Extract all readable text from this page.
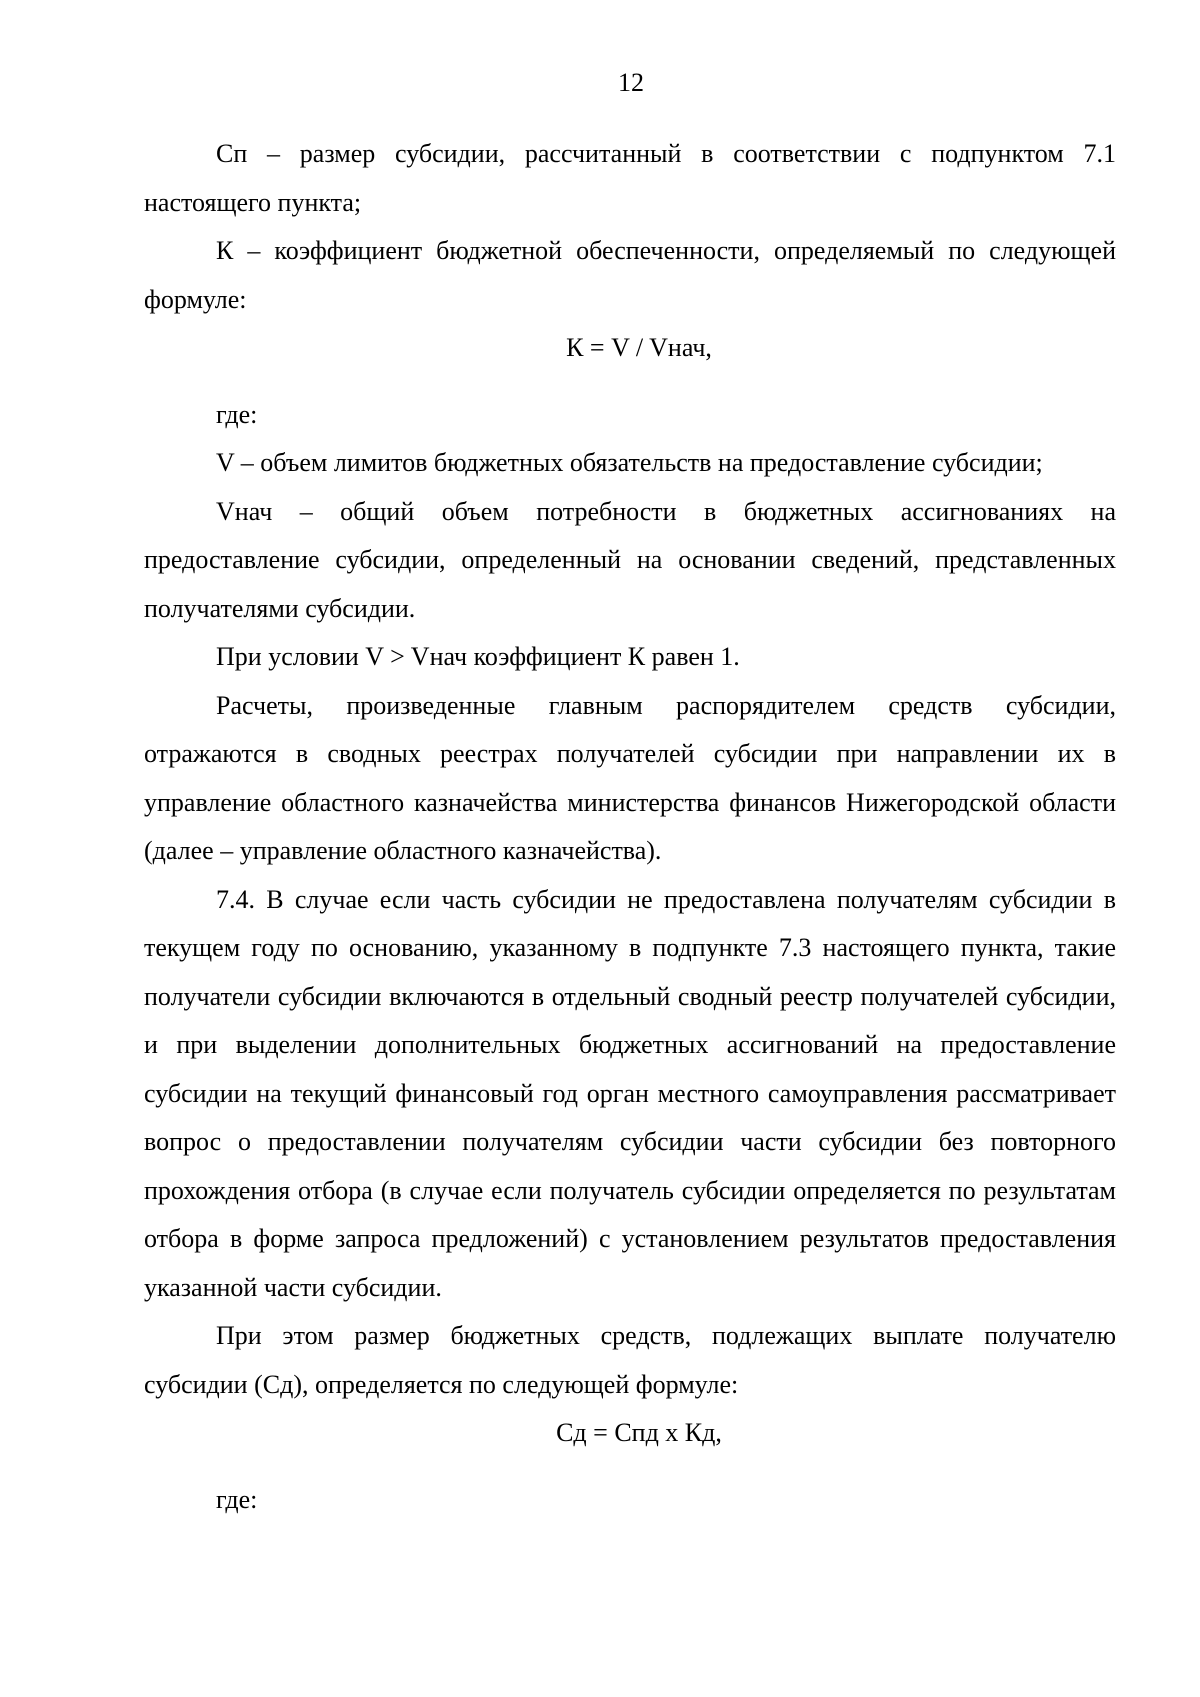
12

Сп – размер субсидии, рассчитанный в соответствии с подпунктом 7.1 настоящего пункта;

К – коэффициент бюджетной обеспеченности, определяемый по следующей формуле:

К = V / Vнач,

где:

V – объем лимитов бюджетных обязательств на предоставление субсидии;

Vнач – общий объем потребности в бюджетных ассигнованиях на предоставление субсидии, определенный на основании сведений, представленных получателями субсидии.

При условии V > Vнач коэффициент К равен 1.

Расчеты, произведенные главным распорядителем средств субсидии, отражаются в сводных реестрах получателей субсидии при направлении их в управление областного казначейства министерства финансов Нижегородской области (далее – управление областного казначейства).

7.4. В случае если часть субсидии не предоставлена получателям субсидии в текущем году по основанию, указанному в подпункте 7.3 настоящего пункта, такие получатели субсидии включаются в отдельный сводный реестр получателей субсидии, и при выделении дополнительных бюджетных ассигнований на предоставление субсидии на текущий финансовый год орган местного самоуправления рассматривает вопрос о предоставлении получателям субсидии части субсидии без повторного прохождения отбора (в случае если получатель субсидии определяется по результатам отбора в форме запроса предложений) с установлением результатов предоставления указанной части субсидии.

При этом размер бюджетных средств, подлежащих выплате получателю субсидии (Сд), определяется по следующей формуле:

Сд = Спд х Кд,

где:
